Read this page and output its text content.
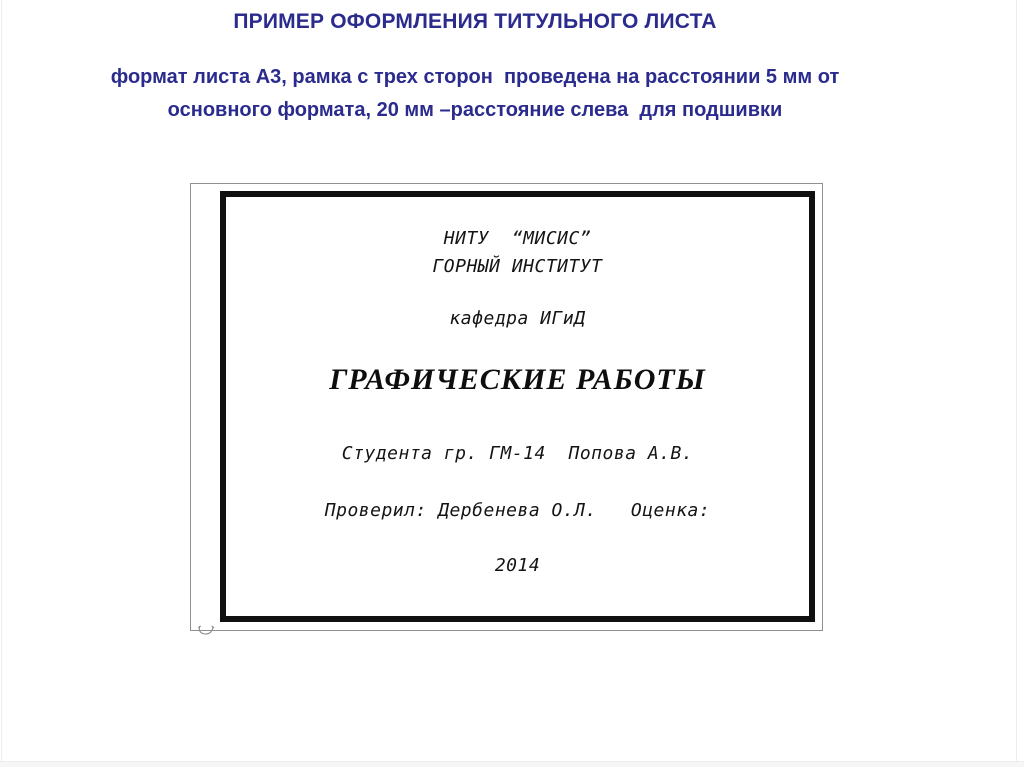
ПРИМЕР ОФОРМЛЕНИЯ ТИТУЛЬНОГО ЛИСТА
формат листа А3, рамка с трех сторон  проведена на расстоянии 5 мм от
основного формата, 20 мм –расстояние слева  для подшивки
НИТУ  “МИСИС”
ГОРНЫЙ ИНСТИТУТ
кафедра ИГиД
ГРАФИЧЕСКИЕ РАБОТЫ
Студента гр. ГМ-14  Попова А.В.
Проверил: Дербенева О.Л.   Оценка:
2014
